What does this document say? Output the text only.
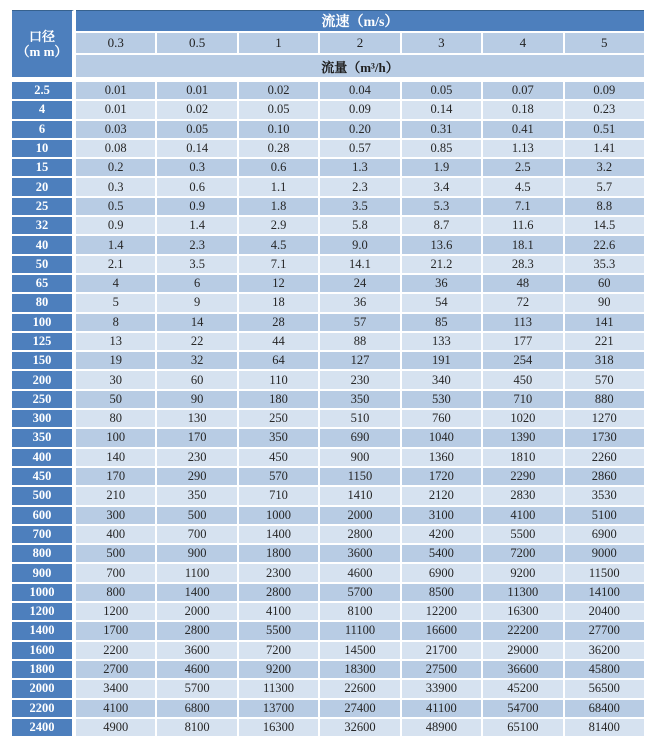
口径
（m m）	流速（m/s）						
	0.3	0.5	1	2	3	4	5
	流量（m³/h）						
2.5	0.01	0.01	0.02	0.04	0.05	0.07	0.09
4	0.01	0.02	0.05	0.09	0.14	0.18	0.23
6	0.03	0.05	0.10	0.20	0.31	0.41	0.51
10	0.08	0.14	0.28	0.57	0.85	1.13	1.41
15	0.2	0.3	0.6	1.3	1.9	2.5	3.2
20	0.3	0.6	1.1	2.3	3.4	4.5	5.7
25	0.5	0.9	1.8	3.5	5.3	7.1	8.8
32	0.9	1.4	2.9	5.8	8.7	11.6	14.5
40	1.4	2.3	4.5	9.0	13.6	18.1	22.6
50	2.1	3.5	7.1	14.1	21.2	28.3	35.3
65	4	6	12	24	36	48	60
80	5	9	18	36	54	72	90
100	8	14	28	57	85	113	141
125	13	22	44	88	133	177	221
150	19	32	64	127	191	254	318
200	30	60	110	230	340	450	570
250	50	90	180	350	530	710	880
300	80	130	250	510	760	1020	1270
350	100	170	350	690	1040	1390	1730
400	140	230	450	900	1360	1810	2260
450	170	290	570	1150	1720	2290	2860
500	210	350	710	1410	2120	2830	3530
600	300	500	1000	2000	3100	4100	5100
700	400	700	1400	2800	4200	5500	6900
800	500	900	1800	3600	5400	7200	9000
900	700	1100	2300	4600	6900	9200	11500
1000	800	1400	2800	5700	8500	11300	14100
1200	1200	2000	4100	8100	12200	16300	20400
1400	1700	2800	5500	11100	16600	22200	27700
1600	2200	3600	7200	14500	21700	29000	36200
1800	2700	4600	9200	18300	27500	36600	45800
2000	3400	5700	11300	22600	33900	45200	56500
2200	4100	6800	13700	27400	41100	54700	68400
2400	4900	8100	16300	32600	48900	65100	81400
